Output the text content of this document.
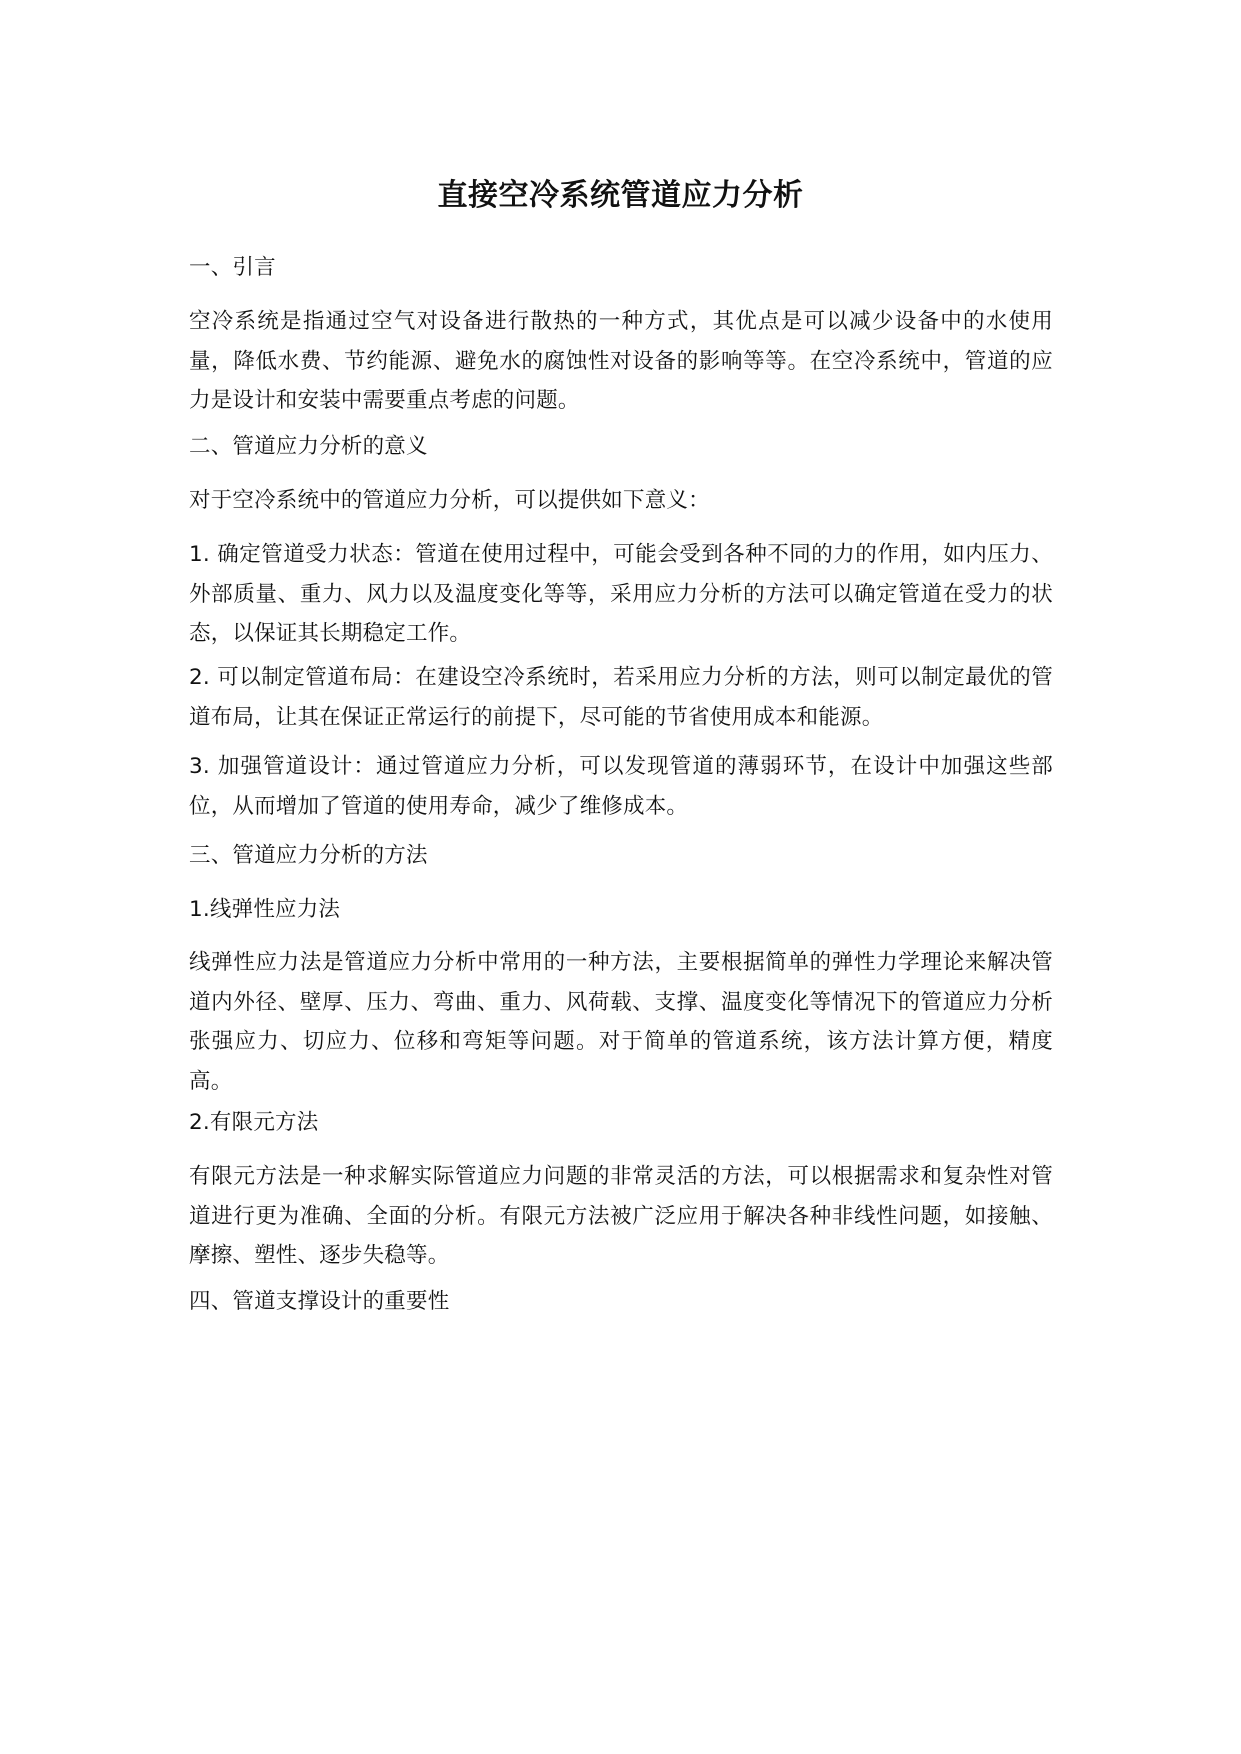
直接空冷系统管道应力分析

一、引言

空冷系统是指通过空气对设备进行散热的一种方式，其优点是可以减少设备中的水使用量，降低水费、节约能源、避免水的腐蚀性对设备的影响等等。在空冷系统中，管道的应力是设计和安装中需要重点考虑的问题。

二、管道应力分析的意义

对于空冷系统中的管道应力分析，可以提供如下意义：

1. 确定管道受力状态：管道在使用过程中，可能会受到各种不同的力的作用，如内压力、外部质量、重力、风力以及温度变化等等，采用应力分析的方法可以确定管道在受力的状态，以保证其长期稳定工作。

2. 可以制定管道布局：在建设空冷系统时，若采用应力分析的方法，则可以制定最优的管道布局，让其在保证正常运行的前提下，尽可能的节省使用成本和能源。

3. 加强管道设计：通过管道应力分析，可以发现管道的薄弱环节，在设计中加强这些部位，从而增加了管道的使用寿命，减少了维修成本。

三、管道应力分析的方法

1.线弹性应力法

线弹性应力法是管道应力分析中常用的一种方法，主要根据简单的弹性力学理论来解决管道内外径、壁厚、压力、弯曲、重力、风荷载、支撑、温度变化等情况下的管道应力分析张强应力、切应力、位移和弯矩等问题。对于简单的管道系统，该方法计算方便，精度高。

2.有限元方法

有限元方法是一种求解实际管道应力问题的非常灵活的方法，可以根据需求和复杂性对管道进行更为准确、全面的分析。有限元方法被广泛应用于解决各种非线性问题，如接触、摩擦、塑性、逐步失稳等。

四、管道支撑设计的重要性
